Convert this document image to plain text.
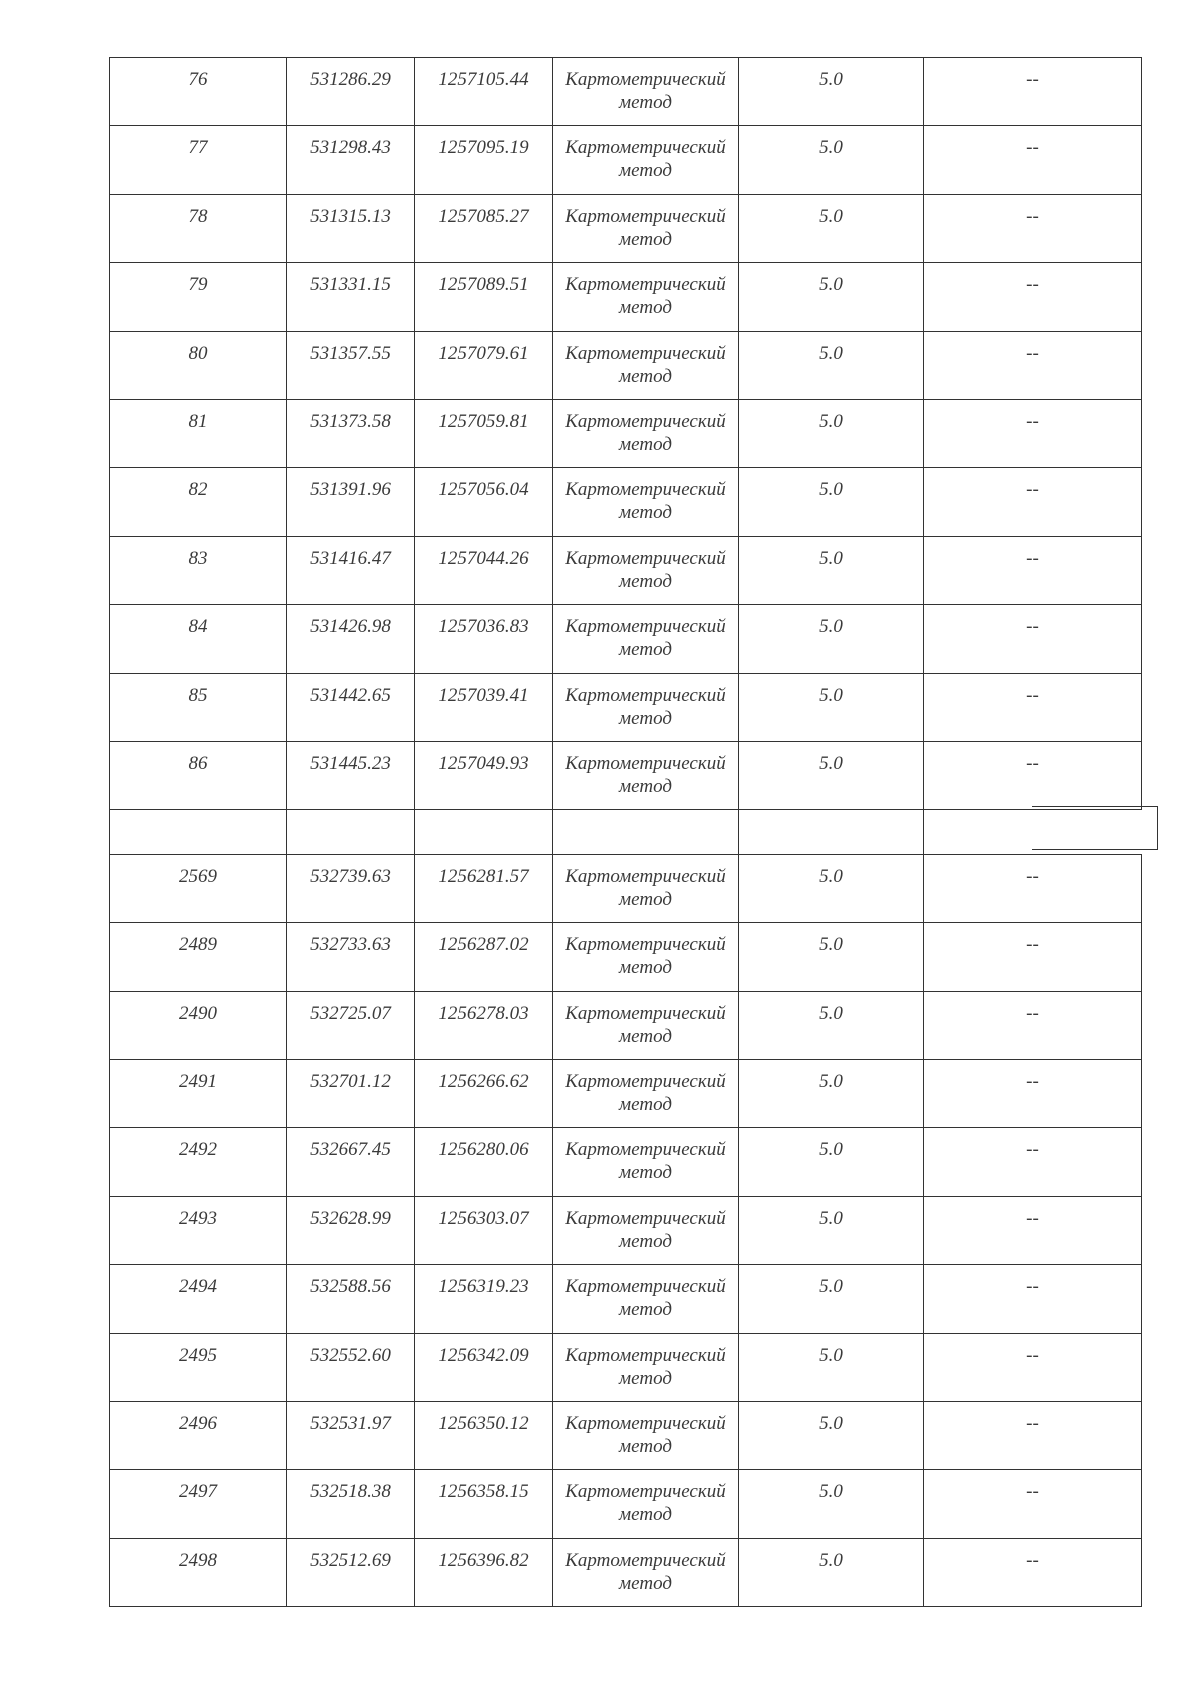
76	531286.29	1257105.44	Картометрический метод	5.0	--
77	531298.43	1257095.19	Картометрический метод	5.0	--
78	531315.13	1257085.27	Картометрический метод	5.0	--
79	531331.15	1257089.51	Картометрический метод	5.0	--
80	531357.55	1257079.61	Картометрический метод	5.0	--
81	531373.58	1257059.81	Картометрический метод	5.0	--
82	531391.96	1257056.04	Картометрический метод	5.0	--
83	531416.47	1257044.26	Картометрический метод	5.0	--
84	531426.98	1257036.83	Картометрический метод	5.0	--
85	531442.65	1257039.41	Картометрический метод	5.0	--
86	531445.23	1257049.93	Картометрический метод	5.0	--

2569	532739.63	1256281.57	Картометрический метод	5.0	--
2489	532733.63	1256287.02	Картометрический метод	5.0	--
2490	532725.07	1256278.03	Картометрический метод	5.0	--
2491	532701.12	1256266.62	Картометрический метод	5.0	--
2492	532667.45	1256280.06	Картометрический метод	5.0	--
2493	532628.99	1256303.07	Картометрический метод	5.0	--
2494	532588.56	1256319.23	Картометрический метод	5.0	--
2495	532552.60	1256342.09	Картометрический метод	5.0	--
2496	532531.97	1256350.12	Картометрический метод	5.0	--
2497	532518.38	1256358.15	Картометрический метод	5.0	--
2498	532512.69	1256396.82	Картометрический метод	5.0	--
